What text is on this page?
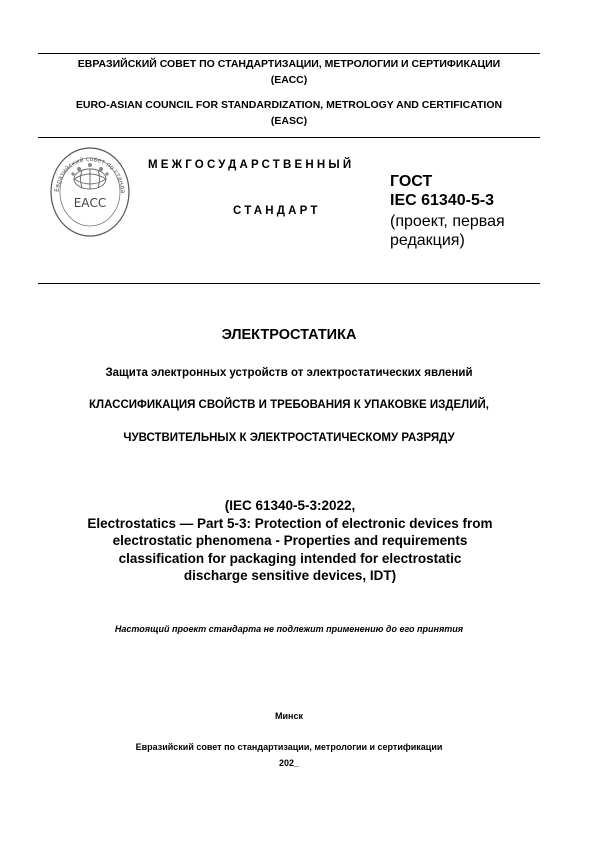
ЕВРАЗИЙСКИЙ СОВЕТ ПО СТАНДАРТИЗАЦИИ, МЕТРОЛОГИИ И СЕРТИФИКАЦИИ
(ЕАСС)
EURO-ASIAN COUNCIL FOR STANDARDIZATION, METROLOGY AND CERTIFICATION
(EASC)
Евразийский совет по станда
ЕАСС
МЕЖГОСУДАРСТВЕННЫЙ
СТАНДАРТ
ГОСТ
IEC 61340-5-3
(проект, первая
редакция)
ЭЛЕКТРОСТАТИКА
Защита электронных устройств от электростатических явлений
КЛАССИФИКАЦИЯ СВОЙСТВ И ТРЕБОВАНИЯ К УПАКОВКЕ ИЗДЕЛИЙ,
ЧУВСТВИТЕЛЬНЫХ К ЭЛЕКТРОСТАТИЧЕСКОМУ РАЗРЯДУ
(IEC 61340-5-3:2022,
Electrostatics — Part 5-3: Protection of electronic devices from
electrostatic phenomena - Properties and requirements
classification for packaging intended for electrostatic
discharge sensitive devices, IDT)
Настоящий проект стандарта не подлежит применению до его принятия
Минск
Евразийский совет по стандартизации, метрологии и сертификации
202_
